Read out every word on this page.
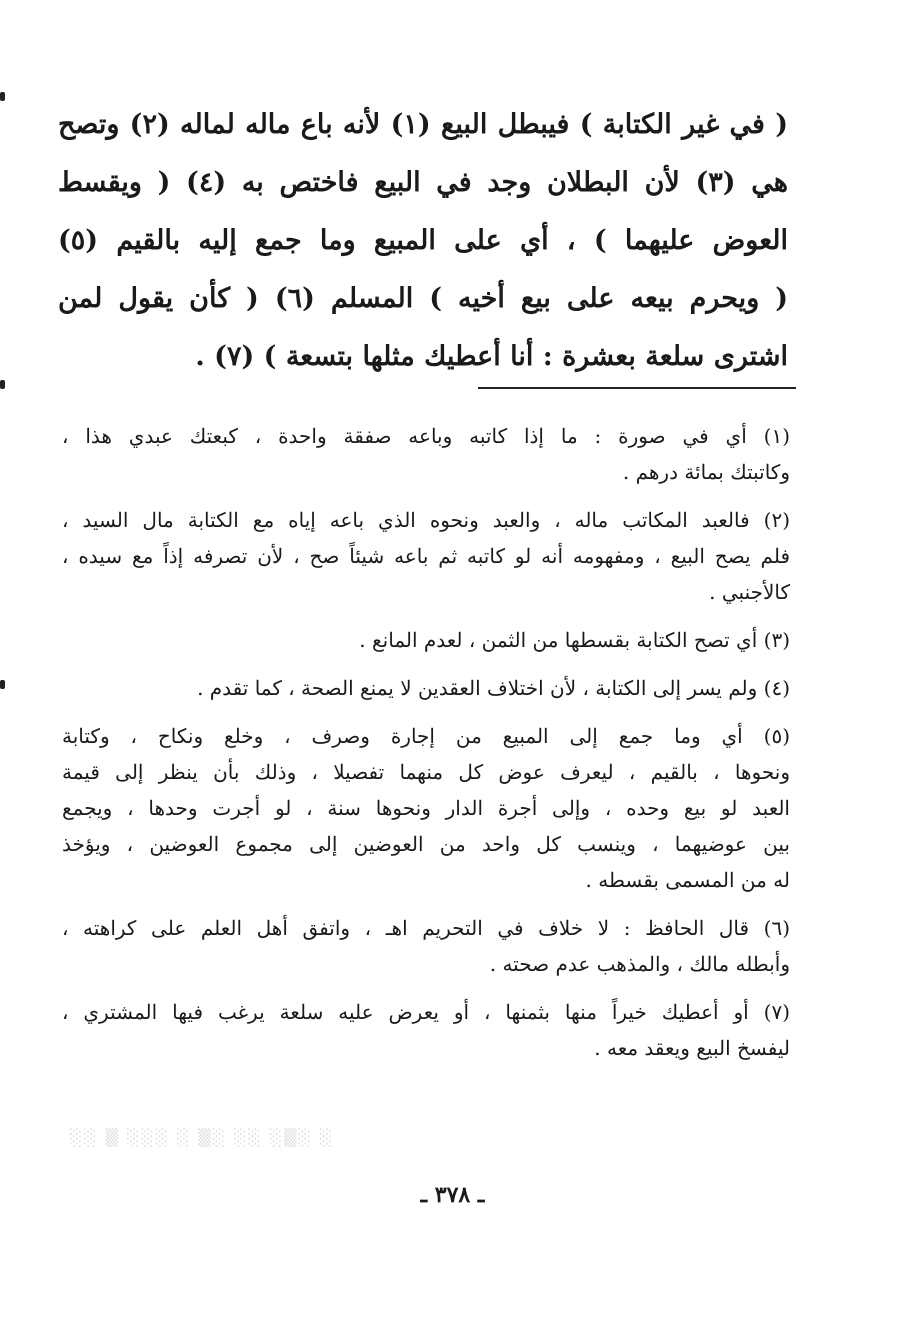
( في غير الكتابة ) فيبطل البيع (١) لأنه باع ماله لماله (٢) وتصح
هي (٣) لأن البطلان وجد في البيع فاختص به (٤) ( ويقسط
العوض عليهما ) ، أي على المبيع وما جمع إليه بالقيم (٥)
( ويحرم بيعه على بيع أخيه ) المسلم (٦) ( كأن يقول لمن
اشترى سلعة بعشرة : أنا أعطيك مثلها بتسعة ) (٧) .
(١) أي في صورة : ما إذا كاتبه وباعه صفقة واحدة ، كبعتك عبدي هذا ،
وكاتبتك بمائة درهم .
(٢) فالعبد المكاتب ماله ، والعبد ونحوه الذي باعه إياه مع الكتابة مال السيد ،
فلم يصح البيع ، ومفهومه أنه لو كاتبه ثم باعه شيئاً صح ، لأن تصرفه إذاً مع سيده ،
كالأجنبي .
(٣) أي تصح الكتابة بقسطها من الثمن ، لعدم المانع .
(٤) ولم يسر إلى الكتابة ، لأن اختلاف العقدين لا يمنع الصحة ، كما تقدم .
(٥) أي وما جمع إلى المبيع من إجارة وصرف ، وخلع ونكاح ، وكتابة
ونحوها ، بالقيم ، ليعرف عوض كل منهما تفصيلا ، وذلك بأن ينظر إلى قيمة
العبد لو بيع وحده ، وإلى أجرة الدار ونحوها سنة ، لو أجرت وحدها ، ويجمع
بين عوضيهما ، وينسب كل واحد من العوضين إلى مجموع العوضين ، ويؤخذ
له من المسمى بقسطه .
(٦) قال الحافظ : لا خلاف في التحريم اهـ ، واتفق أهل العلم على كراهته ،
وأبطله مالك ، والمذهب عدم صحته .
(٧) أو أعطيك خيراً منها بثمنها ، أو يعرض عليه سلعة يرغب فيها المشتري ،
ليفسخ البيع ويعقد معه .
░░ ▒ ░░░ ░ ▒░ ░░ ░▒░ ░
ـ ٣٧٨ ـ
